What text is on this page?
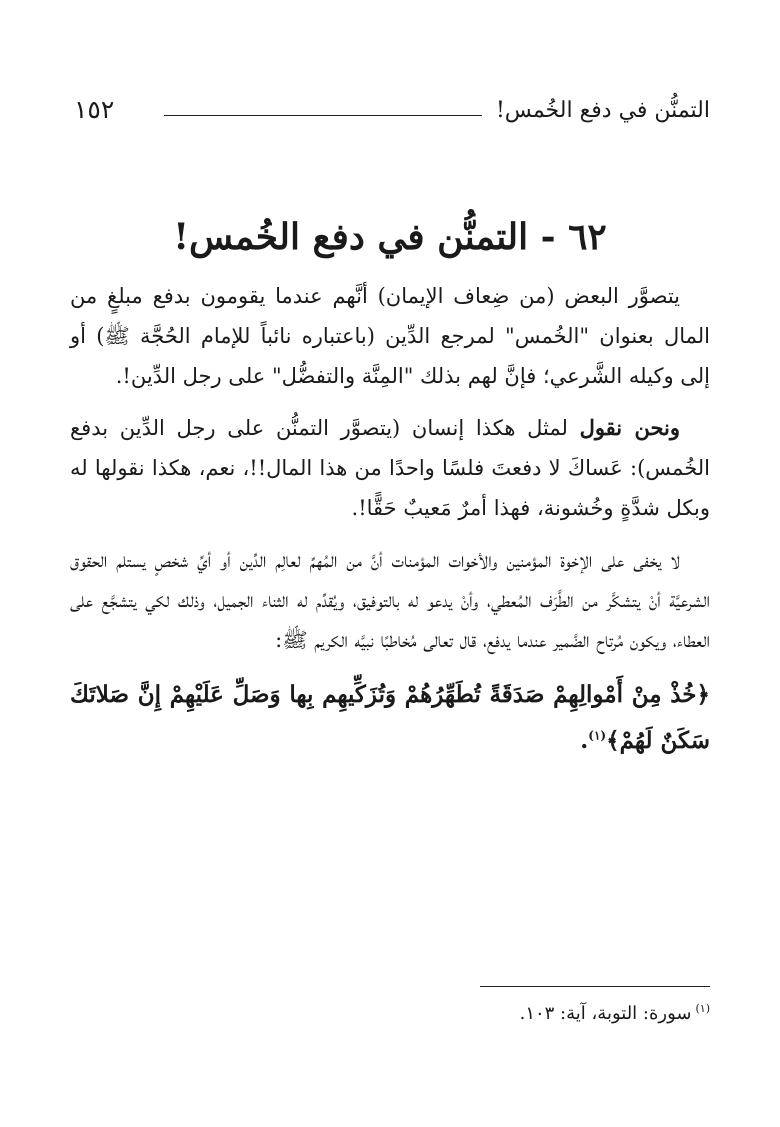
١٥٢	التمنُّن في دفع الخُمس!
٦٢ - التمنُّن في دفع الخُمس!

يتصوَّر البعض (من ضِعاف الإيمان) أنَّهم عندما يقومون بدفع مبلغٍ من المال بعنوان "الخُمس" لمرجع الدِّين (باعتباره نائباً للإمام الحُجَّة ﷺ) أو إلى وكيله الشَّرعي؛ فإنَّ لهم بذلك "المِنَّة والتفضُّل" على رجل الدِّين!.

ونحن نقول لمثل هكذا إنسان (يتصوَّر التمنُّن على رجل الدِّين بدفع الخُمس): عَساكَ لا دفعتَ فلسًا واحدًا من هذا المال!!، نعم، هكذا نقولها له وبكل شدَّةٍ وخُشونة، فهذا أمرٌ مَعيبٌ حَقًّا!.

لا يخفى على الإخوة المؤمنين والأخوات المؤمنات أنَّ من المُهمِّ لعالِم الدِّين أو أيِّ شخصٍ يستلم الحقوق الشرعيَّة أنْ يتشكَّر من الطَّرَف المُعطي، وأنْ يدعو له بالتوفيق، ويُقدِّم له الثناء الجميل، وذلك لكي يتشجَّع على العطاء، ويكون مُرتاح الضَّمير عندما يدفع، قال تعالى مُخاطبًا نبيَّه الكريم ﷺ:

﴿خُذْ مِنْ أَمْوالِهِمْ صَدَقَةً تُطَهِّرُهُمْ وَتُزَكِّيهِم بِها وَصَلِّ عَلَيْهِمْ إِنَّ صَلاتَكَ سَكَنٌ لَهُمْ﴾$^{(١)}$.

$^{(١)}$سورة: التوبة، آية: ١٠٣.
